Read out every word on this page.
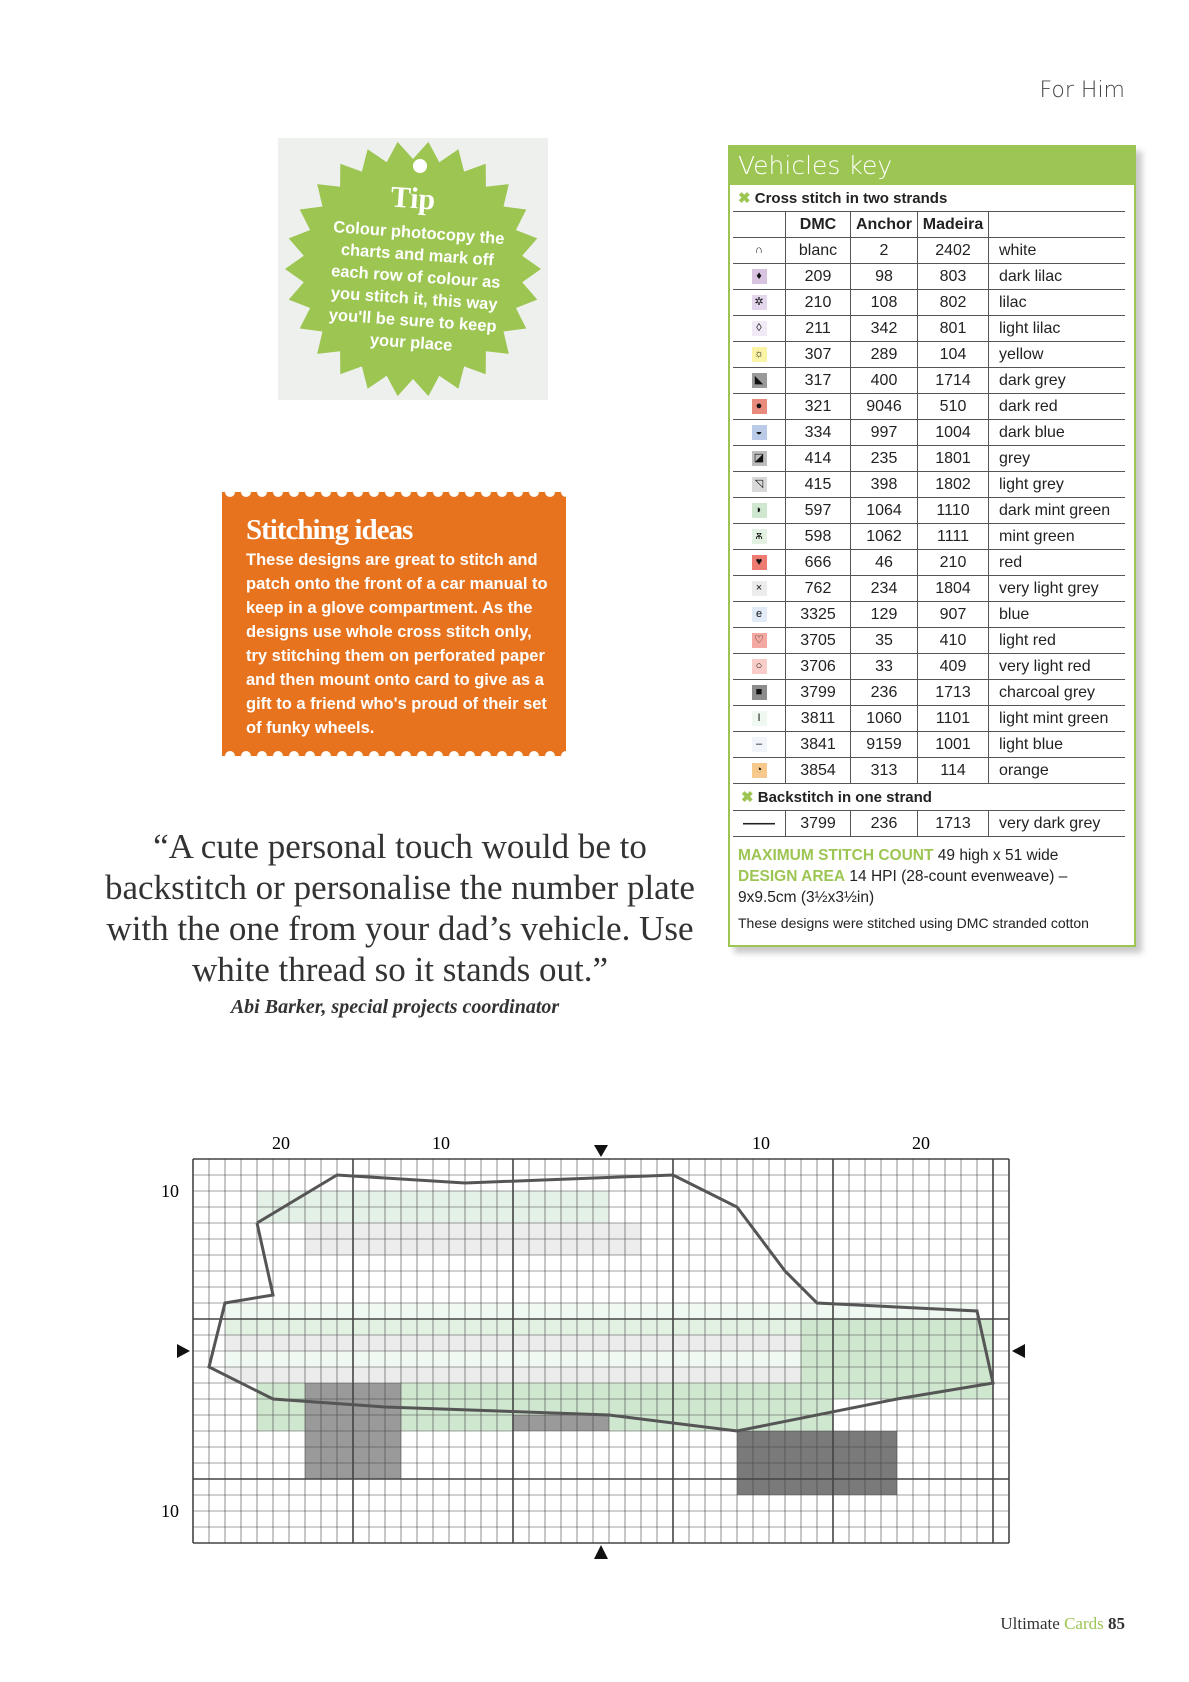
For Him
Tip
Colour photocopy the charts and mark off each row of colour as you stitch it, this way you'll be sure to keep your place
Stitching ideas
These designs are great to stitch and patch onto the front of a car manual to keep in a glove compartment. As the designs use whole cross stitch only, try stitching them on perforated paper and then mount onto card to give as a gift to a friend who's proud of their set of funky wheels.
“A cute personal touch would be to backstitch or personalise the number plate with the one from your dad’s vehicle. Use white thread so it stands out.”
Abi Barker, special projects coordinator
Vehicles key
✖ Cross stitch in two strands
	DMC	Anchor	Madeira	
∩	blanc	2	2402	white
♦	209	98	803	dark lilac
✲	210	108	802	lilac
◊	211	342	801	light lilac
☼	307	289	104	yellow
◣	317	400	1714	dark grey
●	321	9046	510	dark red
◒	334	997	1004	dark blue
◪	414	235	1801	grey
◹	415	398	1802	light grey
◗	597	1064	1110	dark mint green
ѫ	598	1062	1111	mint green
♥	666	46	210	red
×	762	234	1804	very light grey
e	3325	129	907	blue
♡	3705	35	410	light red
○	3706	33	409	very light red
■	3799	236	1713	charcoal grey
I	3811	1060	1101	light mint green
–	3841	9159	1001	light blue
◔	3854	313	114	orange
✖ Backstitch in one strand
——	3799	236	1713	very dark grey
MAXIMUM STITCH COUNT 49 high x 51 wide
DESIGN AREA 14 HPI (28-count evenweave) – 9x9.5cm (3½x3½in)
These designs were stitched using DMC stranded cotton
20	10	10	20
10
10
Ultimate Cards 85
